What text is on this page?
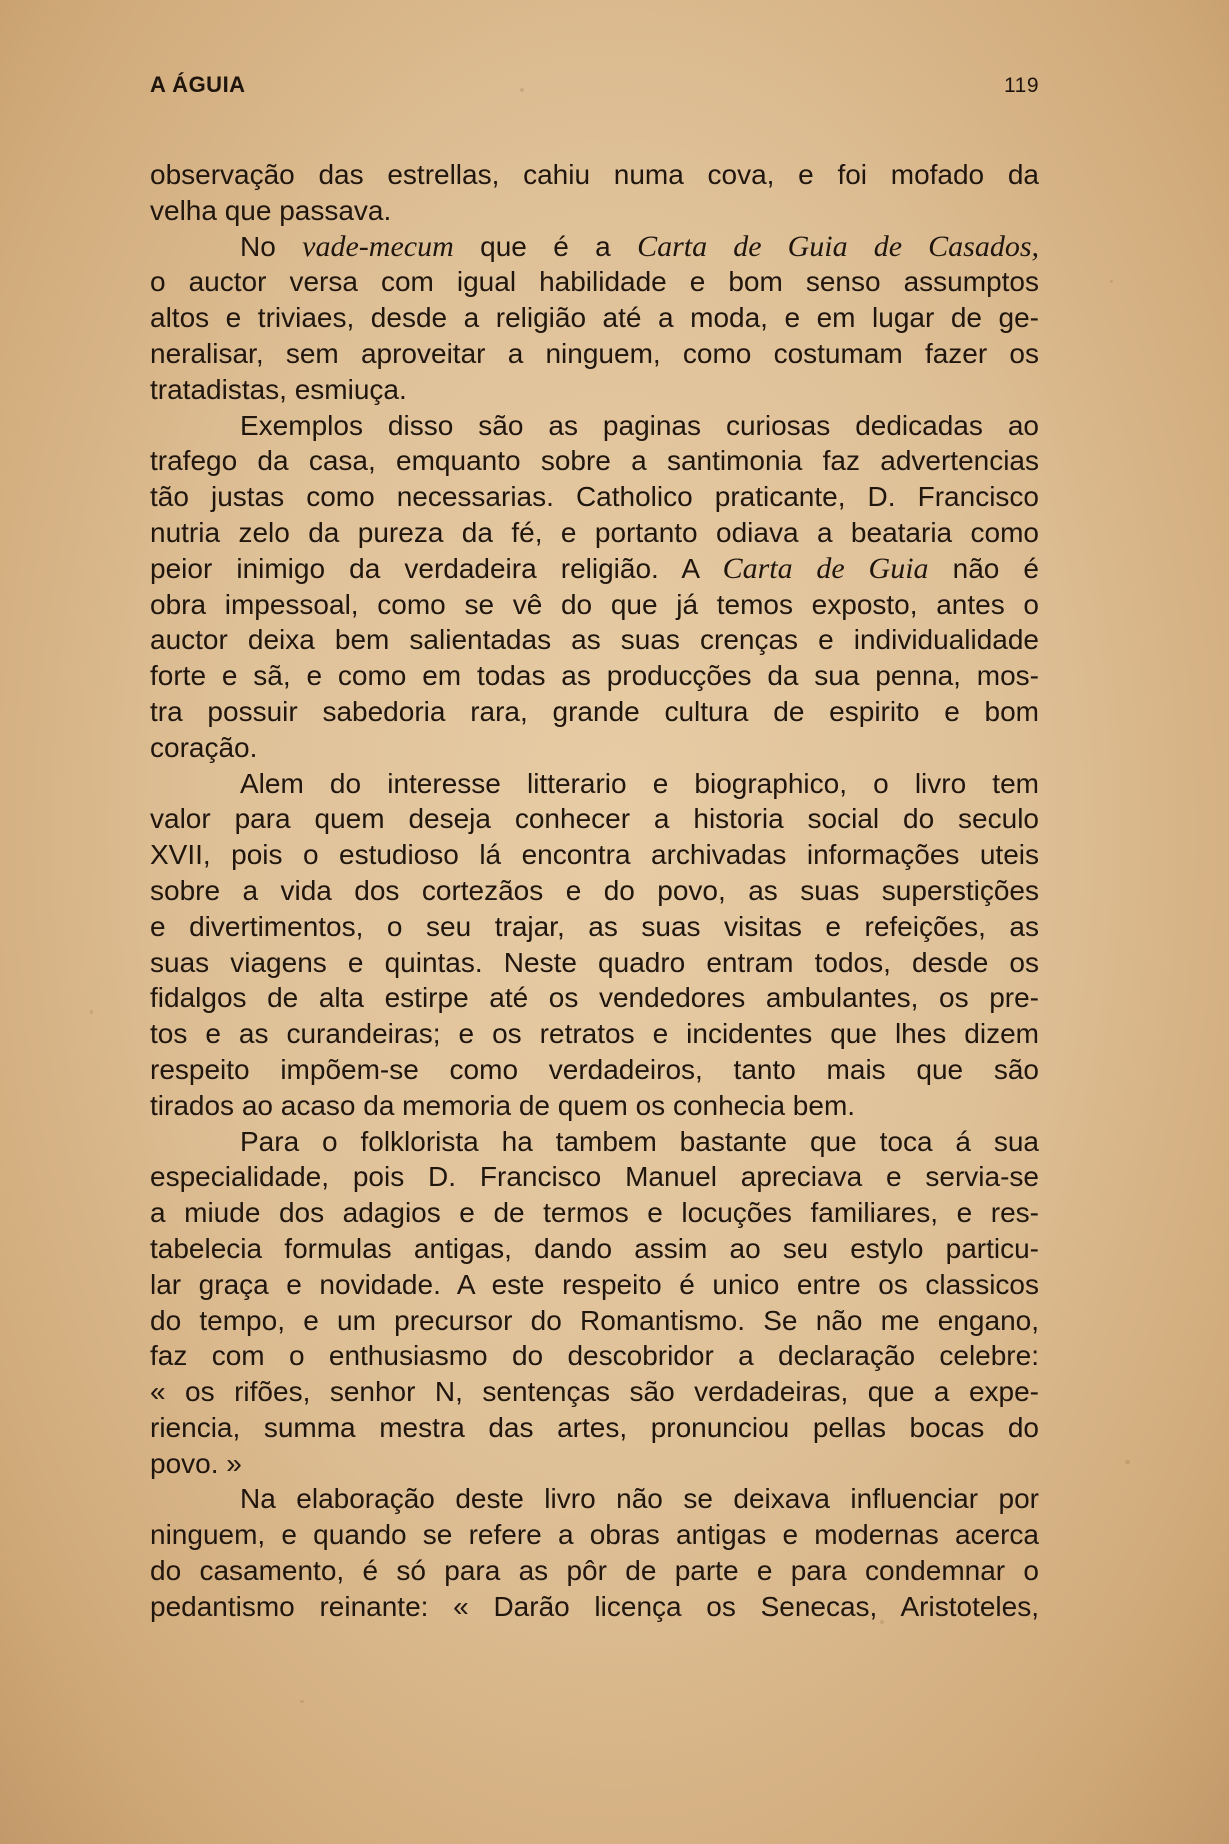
A ÁGUIA	119
observação das estrellas, cahiu numa cova, e foi mofado da
velha que passava.
No vade-mecum que é a Carta de Guia de Casados,
o auctor versa com igual habilidade e bom senso assumptos
altos e triviaes, desde a religião até a moda, e em lugar de ge-
neralisar, sem aproveitar a ninguem, como costumam fazer os
tratadistas, esmiuça.
Exemplos disso são as paginas curiosas dedicadas ao
trafego da casa, emquanto sobre a santimonia faz advertencias
tão justas como necessarias. Catholico praticante, D. Francisco
nutria zelo da pureza da fé, e portanto odiava a beataria como
peior inimigo da verdadeira religião. A Carta de Guia não é
obra impessoal, como se vê do que já temos exposto, antes o
auctor deixa bem salientadas as suas crenças e individualidade
forte e sã, e como em todas as producções da sua penna, mos-
tra possuir sabedoria rara, grande cultura de espirito e bom
coração.
Alem do interesse litterario e biographico, o livro tem
valor para quem deseja conhecer a historia social do seculo
XVII, pois o estudioso lá encontra archivadas informações uteis
sobre a vida dos cortezãos e do povo, as suas superstições
e divertimentos, o seu trajar, as suas visitas e refeições, as
suas viagens e quintas. Neste quadro entram todos, desde os
fidalgos de alta estirpe até os vendedores ambulantes, os pre-
tos e as curandeiras; e os retratos e incidentes que lhes dizem
respeito impõem-se como verdadeiros, tanto mais que são
tirados ao acaso da memoria de quem os conhecia bem.
Para o folklorista ha tambem bastante que toca á sua
especialidade, pois D. Francisco Manuel apreciava e servia-se
a miude dos adagios e de termos e locuções familiares, e res-
tabelecia formulas antigas, dando assim ao seu estylo particu-
lar graça e novidade. A este respeito é unico entre os classicos
do tempo, e um precursor do Romantismo. Se não me engano,
faz com o enthusiasmo do descobridor a declaração celebre:
« os rifões, senhor N, sentenças são verdadeiras, que a expe-
riencia, summa mestra das artes, pronunciou pellas bocas do
povo. »
Na elaboração deste livro não se deixava influenciar por
ninguem, e quando se refere a obras antigas e modernas acerca
do casamento, é só para as pôr de parte e para condemnar o
pedantismo reinante: « Darão licença os Senecas, Aristoteles,
